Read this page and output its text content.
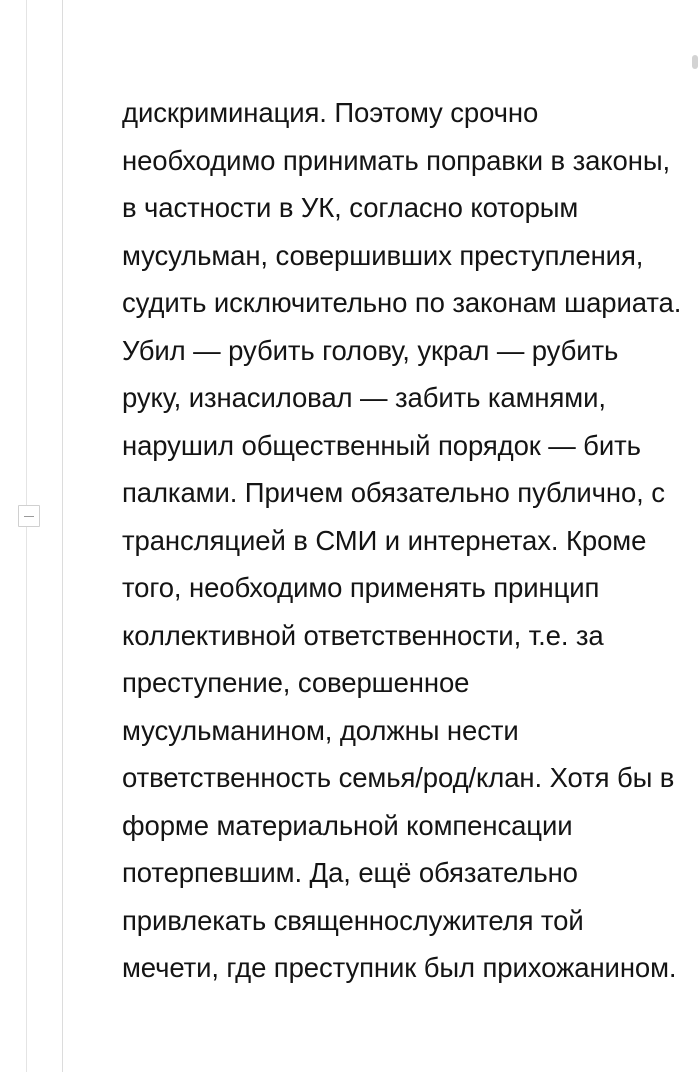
дискриминация. Поэтому срочно необходимо принимать поправки в законы, в частности в УК, согласно которым мусульман, совершивших преступления, судить исключительно по законам шариата. Убил — рубить голову, украл — рубить руку, изнасиловал — забить камнями, нарушил общественный порядок — бить палками. Причем обязательно публично, с трансляцией в СМИ и интернетах. Кроме того, необходимо применять принцип коллективной ответственности, т.е. за преступение, совершенное мусульманином, должны нести ответственность семья/род/клан. Хотя бы в форме материальной компенсации потерпевшим. Да, ещё обязательно привлекать священнослужителя той мечети, где преступник был прихожанином.
